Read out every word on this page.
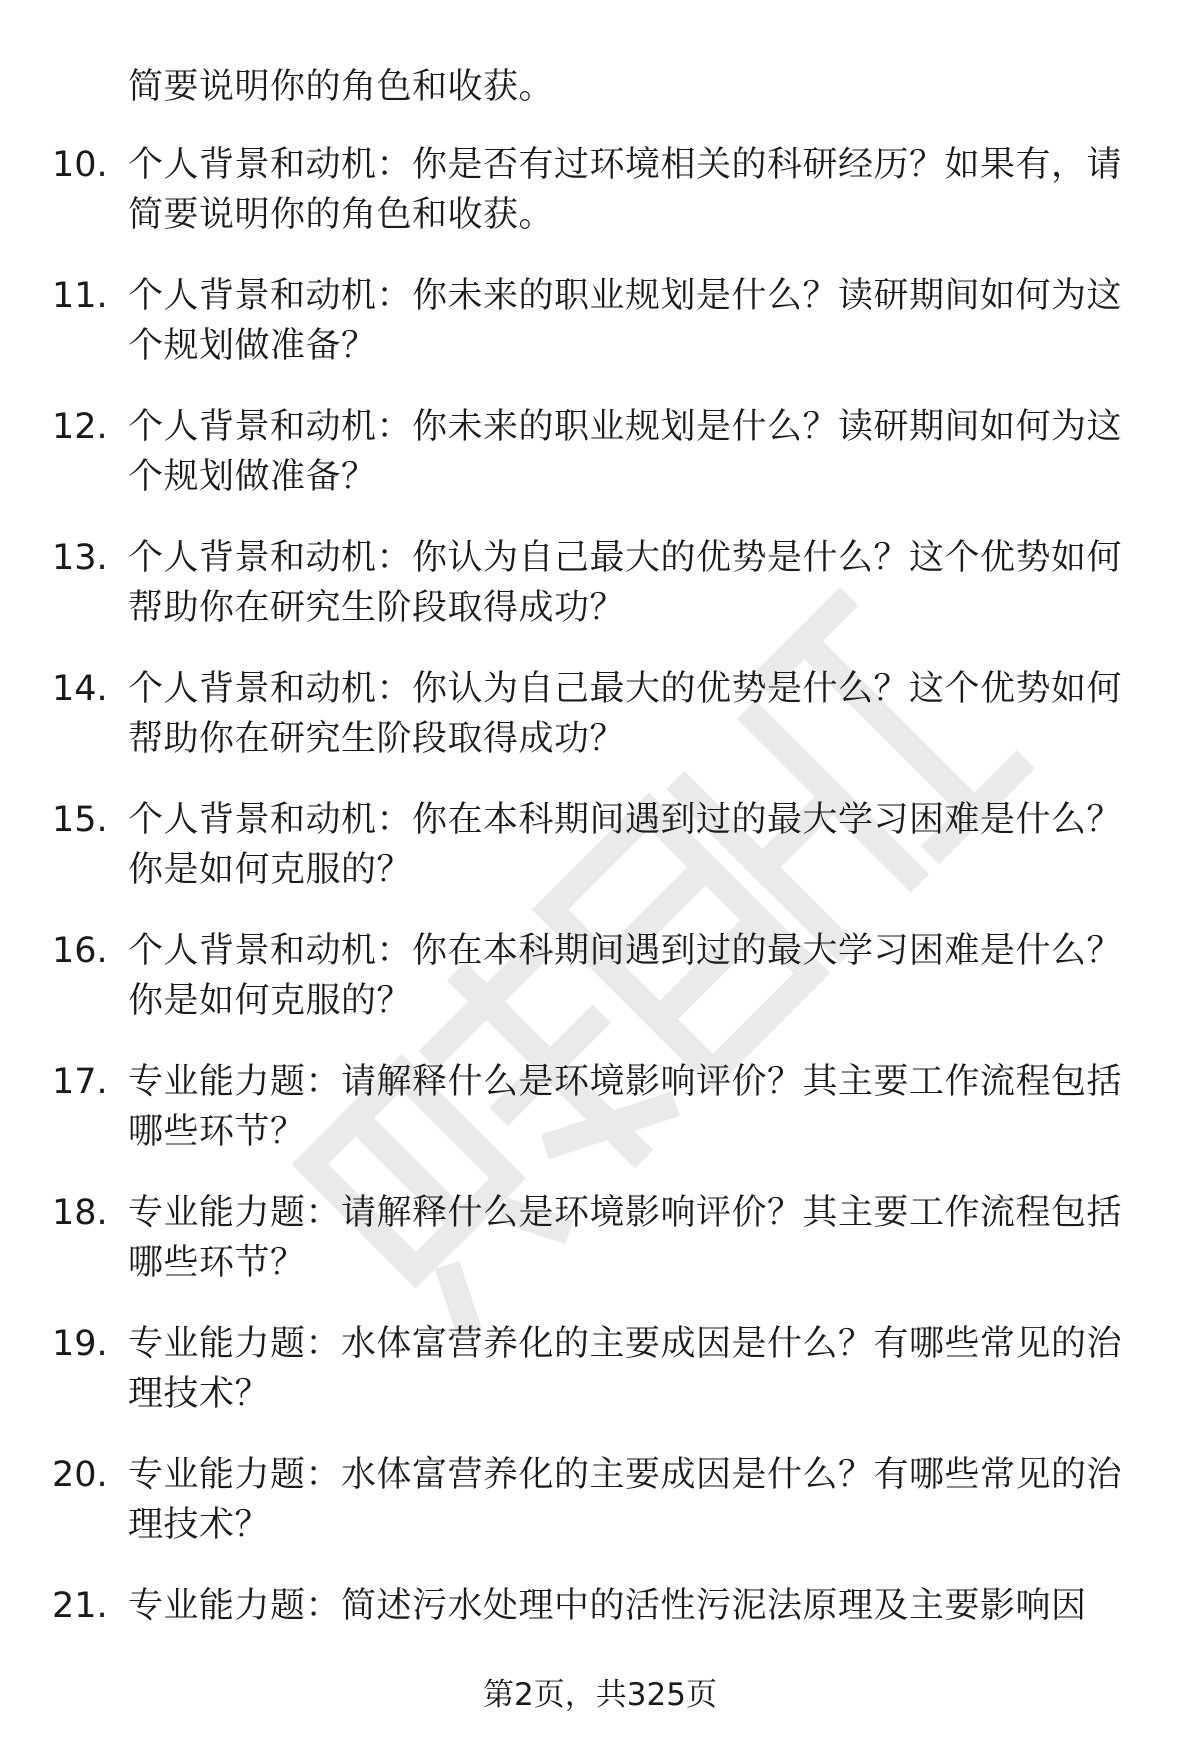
简要说明你的角色和收获。
10. 个人背景和动机：你是否有过环境相关的科研经历？如果有，请简要说明你的角色和收获。
11. 个人背景和动机：你未来的职业规划是什么？读研期间如何为这个规划做准备？
12. 个人背景和动机：你未来的职业规划是什么？读研期间如何为这个规划做准备？
13. 个人背景和动机：你认为自己最大的优势是什么？这个优势如何帮助你在研究生阶段取得成功？
14. 个人背景和动机：你认为自己最大的优势是什么？这个优势如何帮助你在研究生阶段取得成功？
15. 个人背景和动机：你在本科期间遇到过的最大学习困难是什么？你是如何克服的？
16. 个人背景和动机：你在本科期间遇到过的最大学习困难是什么？你是如何克服的？
17. 专业能力题：请解释什么是环境影响评价？其主要工作流程包括哪些环节？
18. 专业能力题：请解释什么是环境影响评价？其主要工作流程包括哪些环节？
19. 专业能力题：水体富营养化的主要成因是什么？有哪些常见的治理技术？
20. 专业能力题：水体富营养化的主要成因是什么？有哪些常见的治理技术？
21. 专业能力题：简述污水处理中的活性污泥法原理及主要影响因
第2页，共325页
